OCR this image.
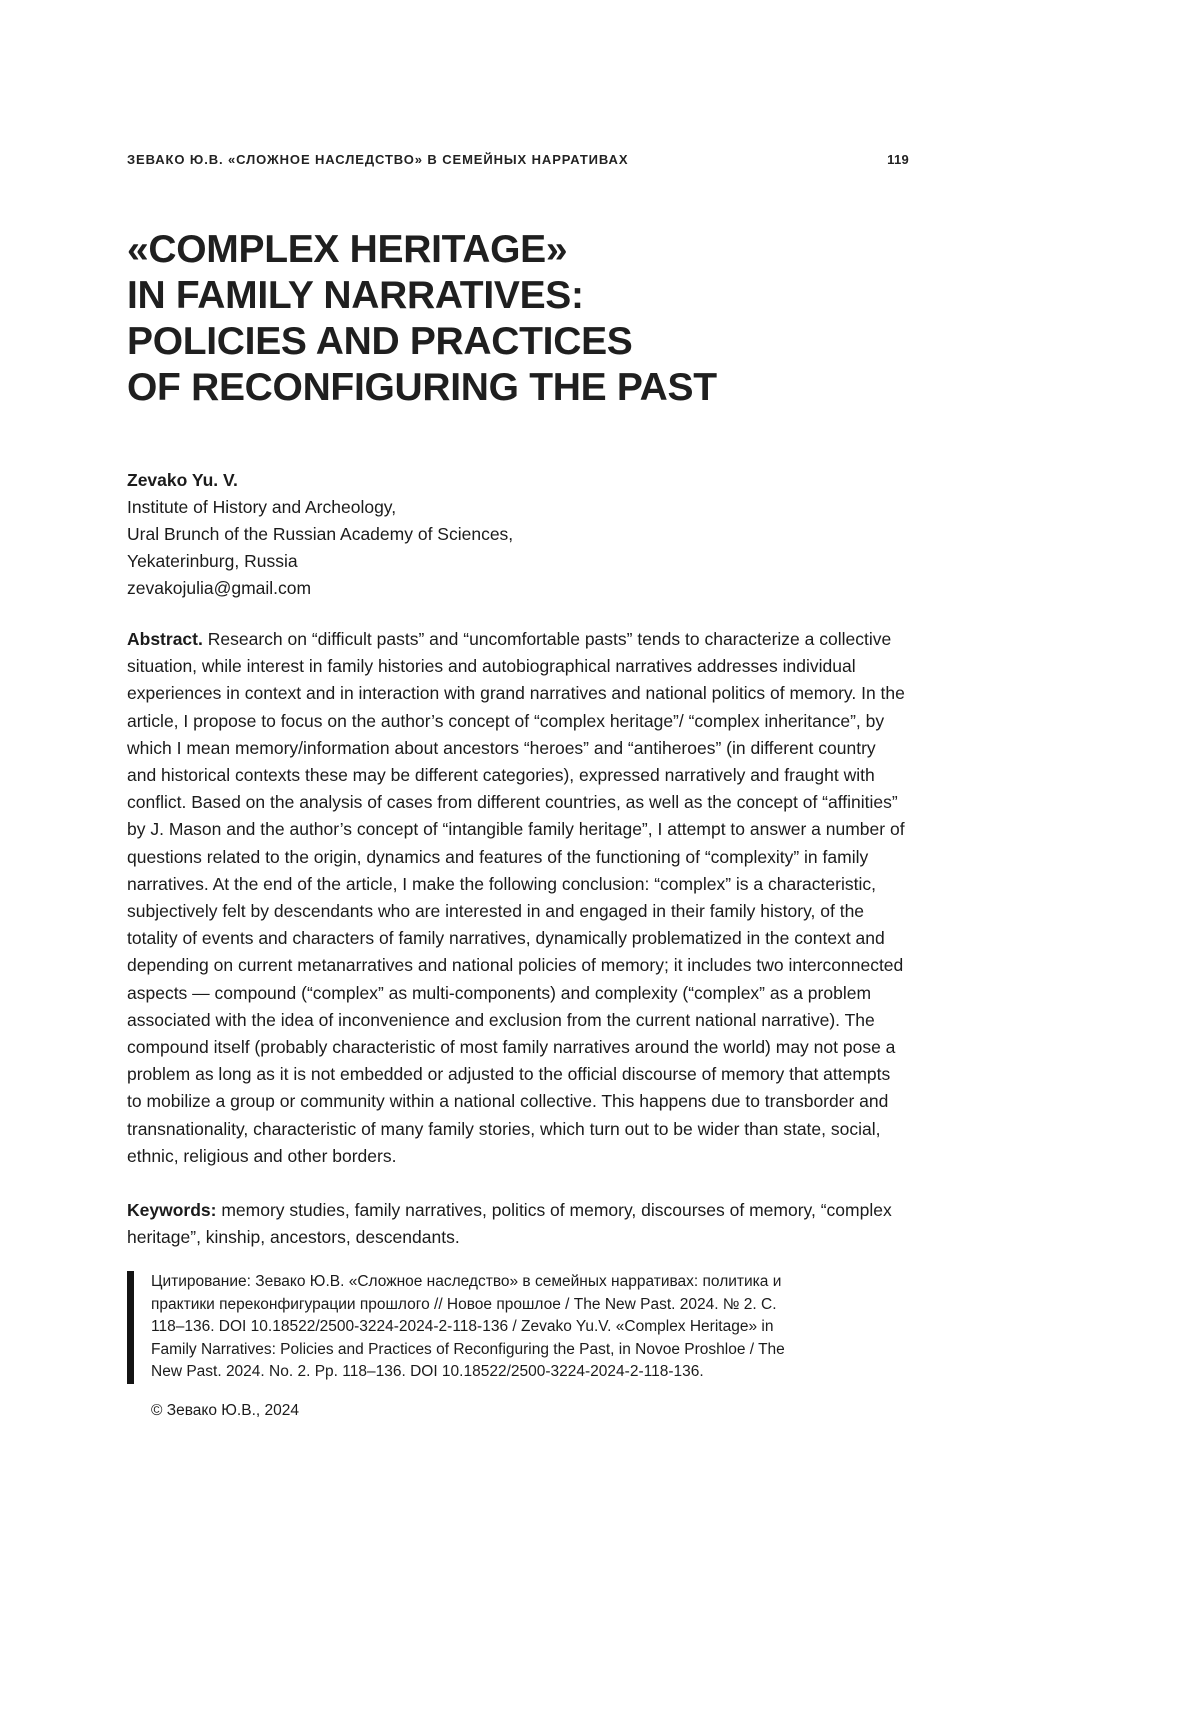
ЗЕВАКО Ю.В. «СЛОЖНОЕ НАСЛЕДСТВО» В СЕМЕЙНЫХ НАРРАТИВАХ	119
«COMPLEX HERITAGE»
IN FAMILY NARRATIVES:
POLICIES AND PRACTICES
OF RECONFIGURING THE PAST
Zevako Yu. V.
Institute of History and Archeology,
Ural Brunch of the Russian Academy of Sciences,
Yekaterinburg, Russia
zevakojulia@gmail.com

Abstract. Research on “difficult pasts” and “uncomfortable pasts” tends to characterize a collective situation, while interest in family histories and autobiographical narratives addresses individual experiences in context and in interaction with grand narratives and national politics of memory. In the article, I propose to focus on the author’s concept of “complex heritage”/ “complex inheritance”, by which I mean memory/information about ancestors “heroes” and “antiheroes” (in different country and historical contexts these may be different categories), expressed narratively and fraught with conflict. Based on the analysis of cases from different countries, as well as the concept of “affinities” by J. Mason and the author’s concept of “intangible family heritage”, I attempt to answer a number of questions related to the origin, dynamics and features of the functioning of “complexity” in family narratives. At the end of the article, I make the following conclusion: “complex” is a characteristic, subjectively felt by descendants who are interested in and engaged in their family history, of the totality of events and characters of family narratives, dynamically problematized in the context and depending on current metanarratives and national policies of memory; it includes two interconnected aspects — compound (“complex” as multi-components) and complexity (“complex” as a problem associated with the idea of inconvenience and exclusion from the current national narrative). The compound itself (probably characteristic of most family narratives around the world) may not pose a problem as long as it is not embedded or adjusted to the official discourse of memory that attempts to mobilize a group or community within a national collective. This happens due to transborder and transnationality, characteristic of many family stories, which turn out to be wider than state, social, ethnic, religious and other borders.

Keywords: memory studies, family narratives, politics of memory, discourses of memory, “complex heritage”, kinship, ancestors, descendants.

Цитирование: Зевако Ю.В. «Сложное наследство» в семейных нарративах: политика и практики переконфигурации прошлого // Новое прошлое / The New Past. 2024. № 2. С. 118–136. DOI 10.18522/2500-3224-2024-2-118-136 / Zevako Yu.V. «Complex Heritage» in Family Narratives: Policies and Practices of Reconfiguring the Past, in Novoe Proshloe / The New Past. 2024. No. 2. Pp. 118–136. DOI 10.18522/2500-3224-2024-2-118-136.

© Зевако Ю.В., 2024
